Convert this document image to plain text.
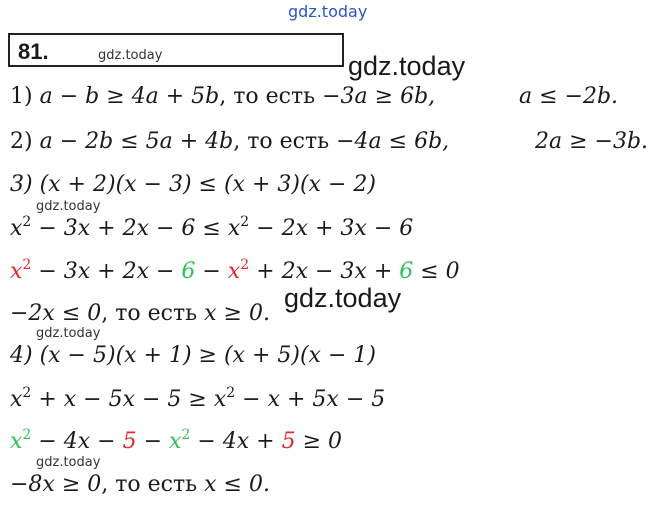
gdz.today
81.	gdz.today	gdz.today
1) a − b ≥ 4a + 5b, то есть −3a ≥ 6b,	a ≤ −2b.
2) a − 2b ≤ 5a + 4b, то есть −4a ≤ 6b,	2a ≥ −3b.
3) (x + 2)(x − 3) ≤ (x + 3)(x − 2)
gdz.today
$x^2 - 3x + 2x - 6 \le x^2 - 2x + 3x - 6$
$x^2 - 3x + 2x - 6 - x^2 + 2x - 3x + 6 \le 0$
gdz.today
−2x ≤ 0, то есть x ≥ 0.
gdz.today
4) (x − 5)(x + 1) ≥ (x + 5)(x − 1)
$x^2 + x - 5x - 5 \ge x^2 - x + 5x - 5$
$x^2 - 4x - 5 - x^2 - 4x + 5 \ge 0$
gdz.today
−8x ≥ 0, то есть x ≤ 0.
